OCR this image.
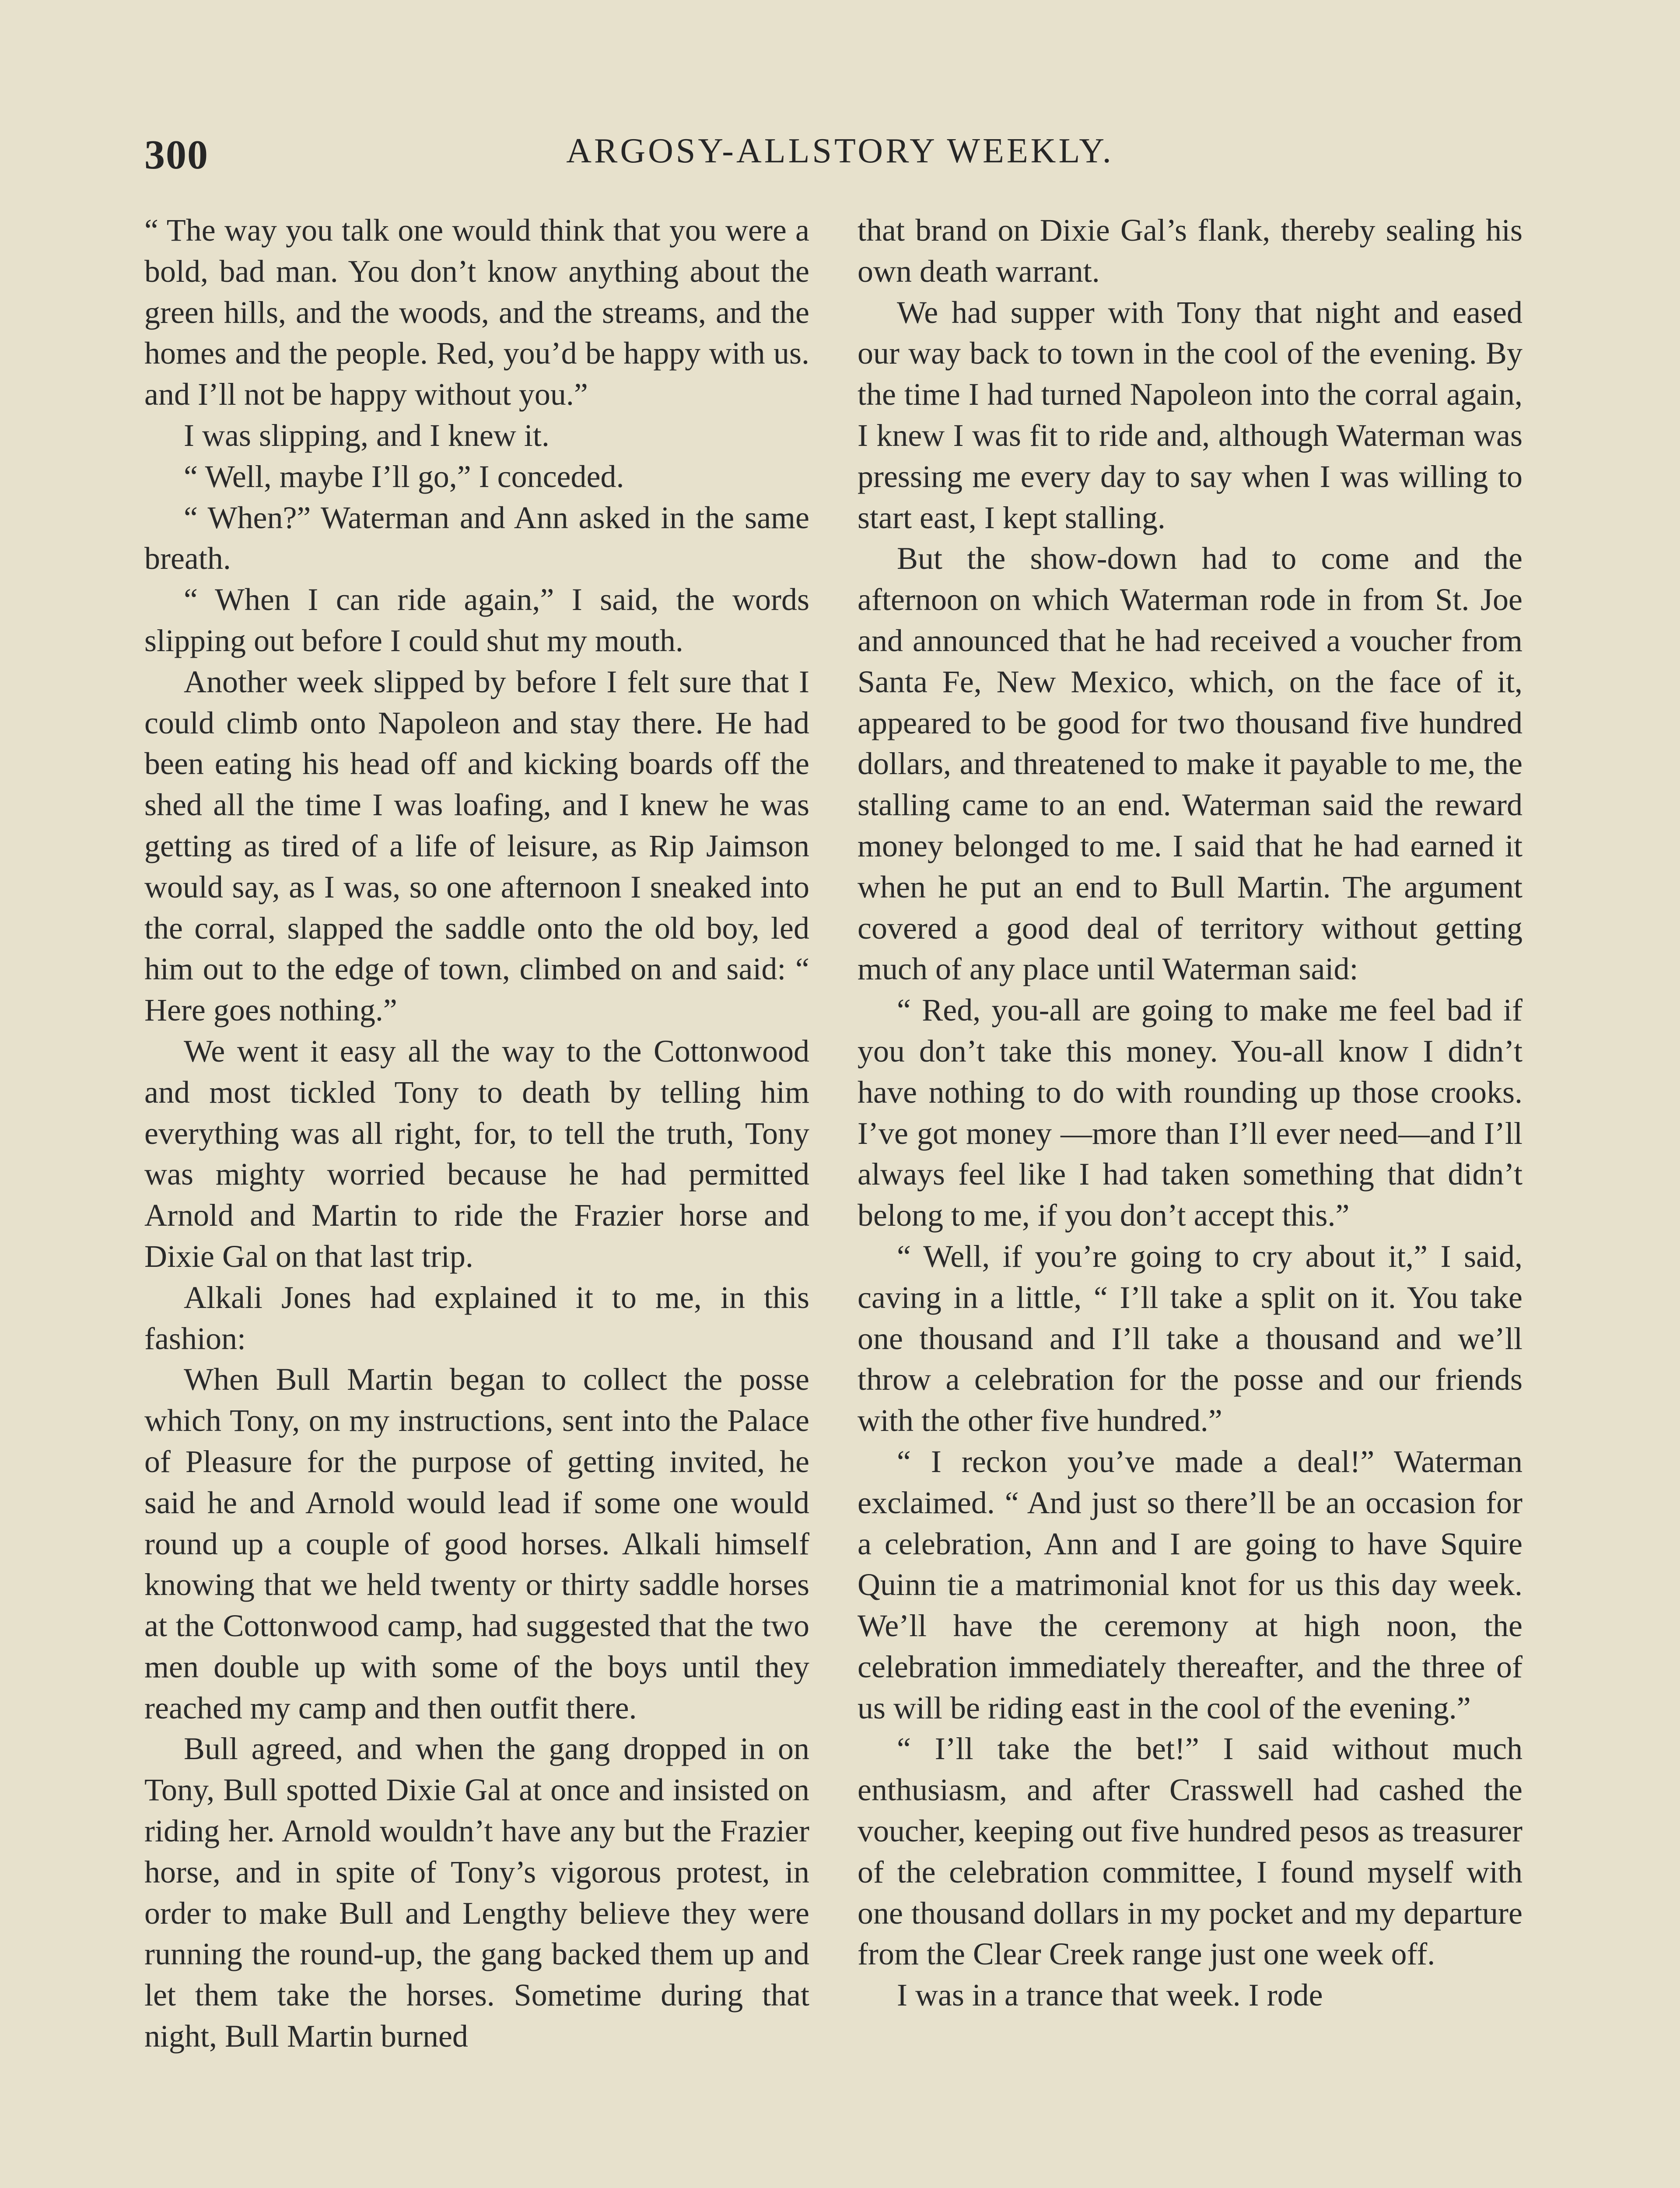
300	ARGOSY-ALLSTORY WEEKLY.

“ The way you talk one would think that you were a bold, bad man. You don’t know anything about the green hills, and the woods, and the streams, and the homes and the people. Red, you’d be happy with us. and I’ll not be happy without you.”

I was slipping, and I knew it.

“ Well, maybe I’ll go,” I conceded.

“ When?” Waterman and Ann asked in the same breath.

“ When I can ride again,” I said, the words slipping out before I could shut my mouth.

Another week slipped by before I felt sure that I could climb onto Napoleon and stay there. He had been eating his head off and kicking boards off the shed all the time I was loafing, and I knew he was getting as tired of a life of leisure, as Rip Jaimson would say, as I was, so one afternoon I sneaked into the corral, slapped the saddle onto the old boy, led him out to the edge of town, climbed on and said: “ Here goes nothing.”

We went it easy all the way to the Cottonwood and most tickled Tony to death by telling him everything was all right, for, to tell the truth, Tony was mighty worried because he had permitted Arnold and Martin to ride the Frazier horse and Dixie Gal on that last trip.

Alkali Jones had explained it to me, in this fashion:

When Bull Martin began to collect the posse which Tony, on my instructions, sent into the Palace of Pleasure for the purpose of getting invited, he said he and Arnold would lead if some one would round up a couple of good horses. Alkali himself knowing that we held twenty or thirty saddle horses at the Cottonwood camp, had suggested that the two men double up with some of the boys until they reached my camp and then outfit there.

Bull agreed, and when the gang dropped in on Tony, Bull spotted Dixie Gal at once and insisted on riding her. Arnold wouldn’t have any but the Frazier horse, and in spite of Tony’s vigorous protest, in order to make Bull and Lengthy believe they were running the round-up, the gang backed them up and let them take the horses. Sometime during that night, Bull Martin burned

that brand on Dixie Gal’s flank, thereby sealing his own death warrant.

We had supper with Tony that night and eased our way back to town in the cool of the evening. By the time I had turned Napoleon into the corral again, I knew I was fit to ride and, although Waterman was pressing me every day to say when I was willing to start east, I kept stalling.

But the show-down had to come and the afternoon on which Waterman rode in from St. Joe and announced that he had received a voucher from Santa Fe, New Mexico, which, on the face of it, appeared to be good for two thousand five hundred dollars, and threatened to make it payable to me, the stalling came to an end. Waterman said the reward money belonged to me. I said that he had earned it when he put an end to Bull Martin. The argument covered a good deal of territory without getting much of any place until Waterman said:

“ Red, you-all are going to make me feel bad if you don’t take this money. You-all know I didn’t have nothing to do with rounding up those crooks. I’ve got money —more than I’ll ever need—and I’ll always feel like I had taken something that didn’t belong to me, if you don’t accept this.”

“ Well, if you’re going to cry about it,” I said, caving in a little, “ I’ll take a split on it. You take one thousand and I’ll take a thousand and we’ll throw a celebration for the posse and our friends with the other five hundred.”

“ I reckon you’ve made a deal!” Waterman exclaimed. “ And just so there’ll be an occasion for a celebration, Ann and I are going to have Squire Quinn tie a matrimonial knot for us this day week. We’ll have the ceremony at high noon, the celebration immediately thereafter, and the three of us will be riding east in the cool of the evening.”

“ I’ll take the bet!” I said without much enthusiasm, and after Crasswell had cashed the voucher, keeping out five hundred pesos as treasurer of the celebration committee, I found myself with one thousand dollars in my pocket and my departure from the Clear Creek range just one week off.

I was in a trance that week. I rode
